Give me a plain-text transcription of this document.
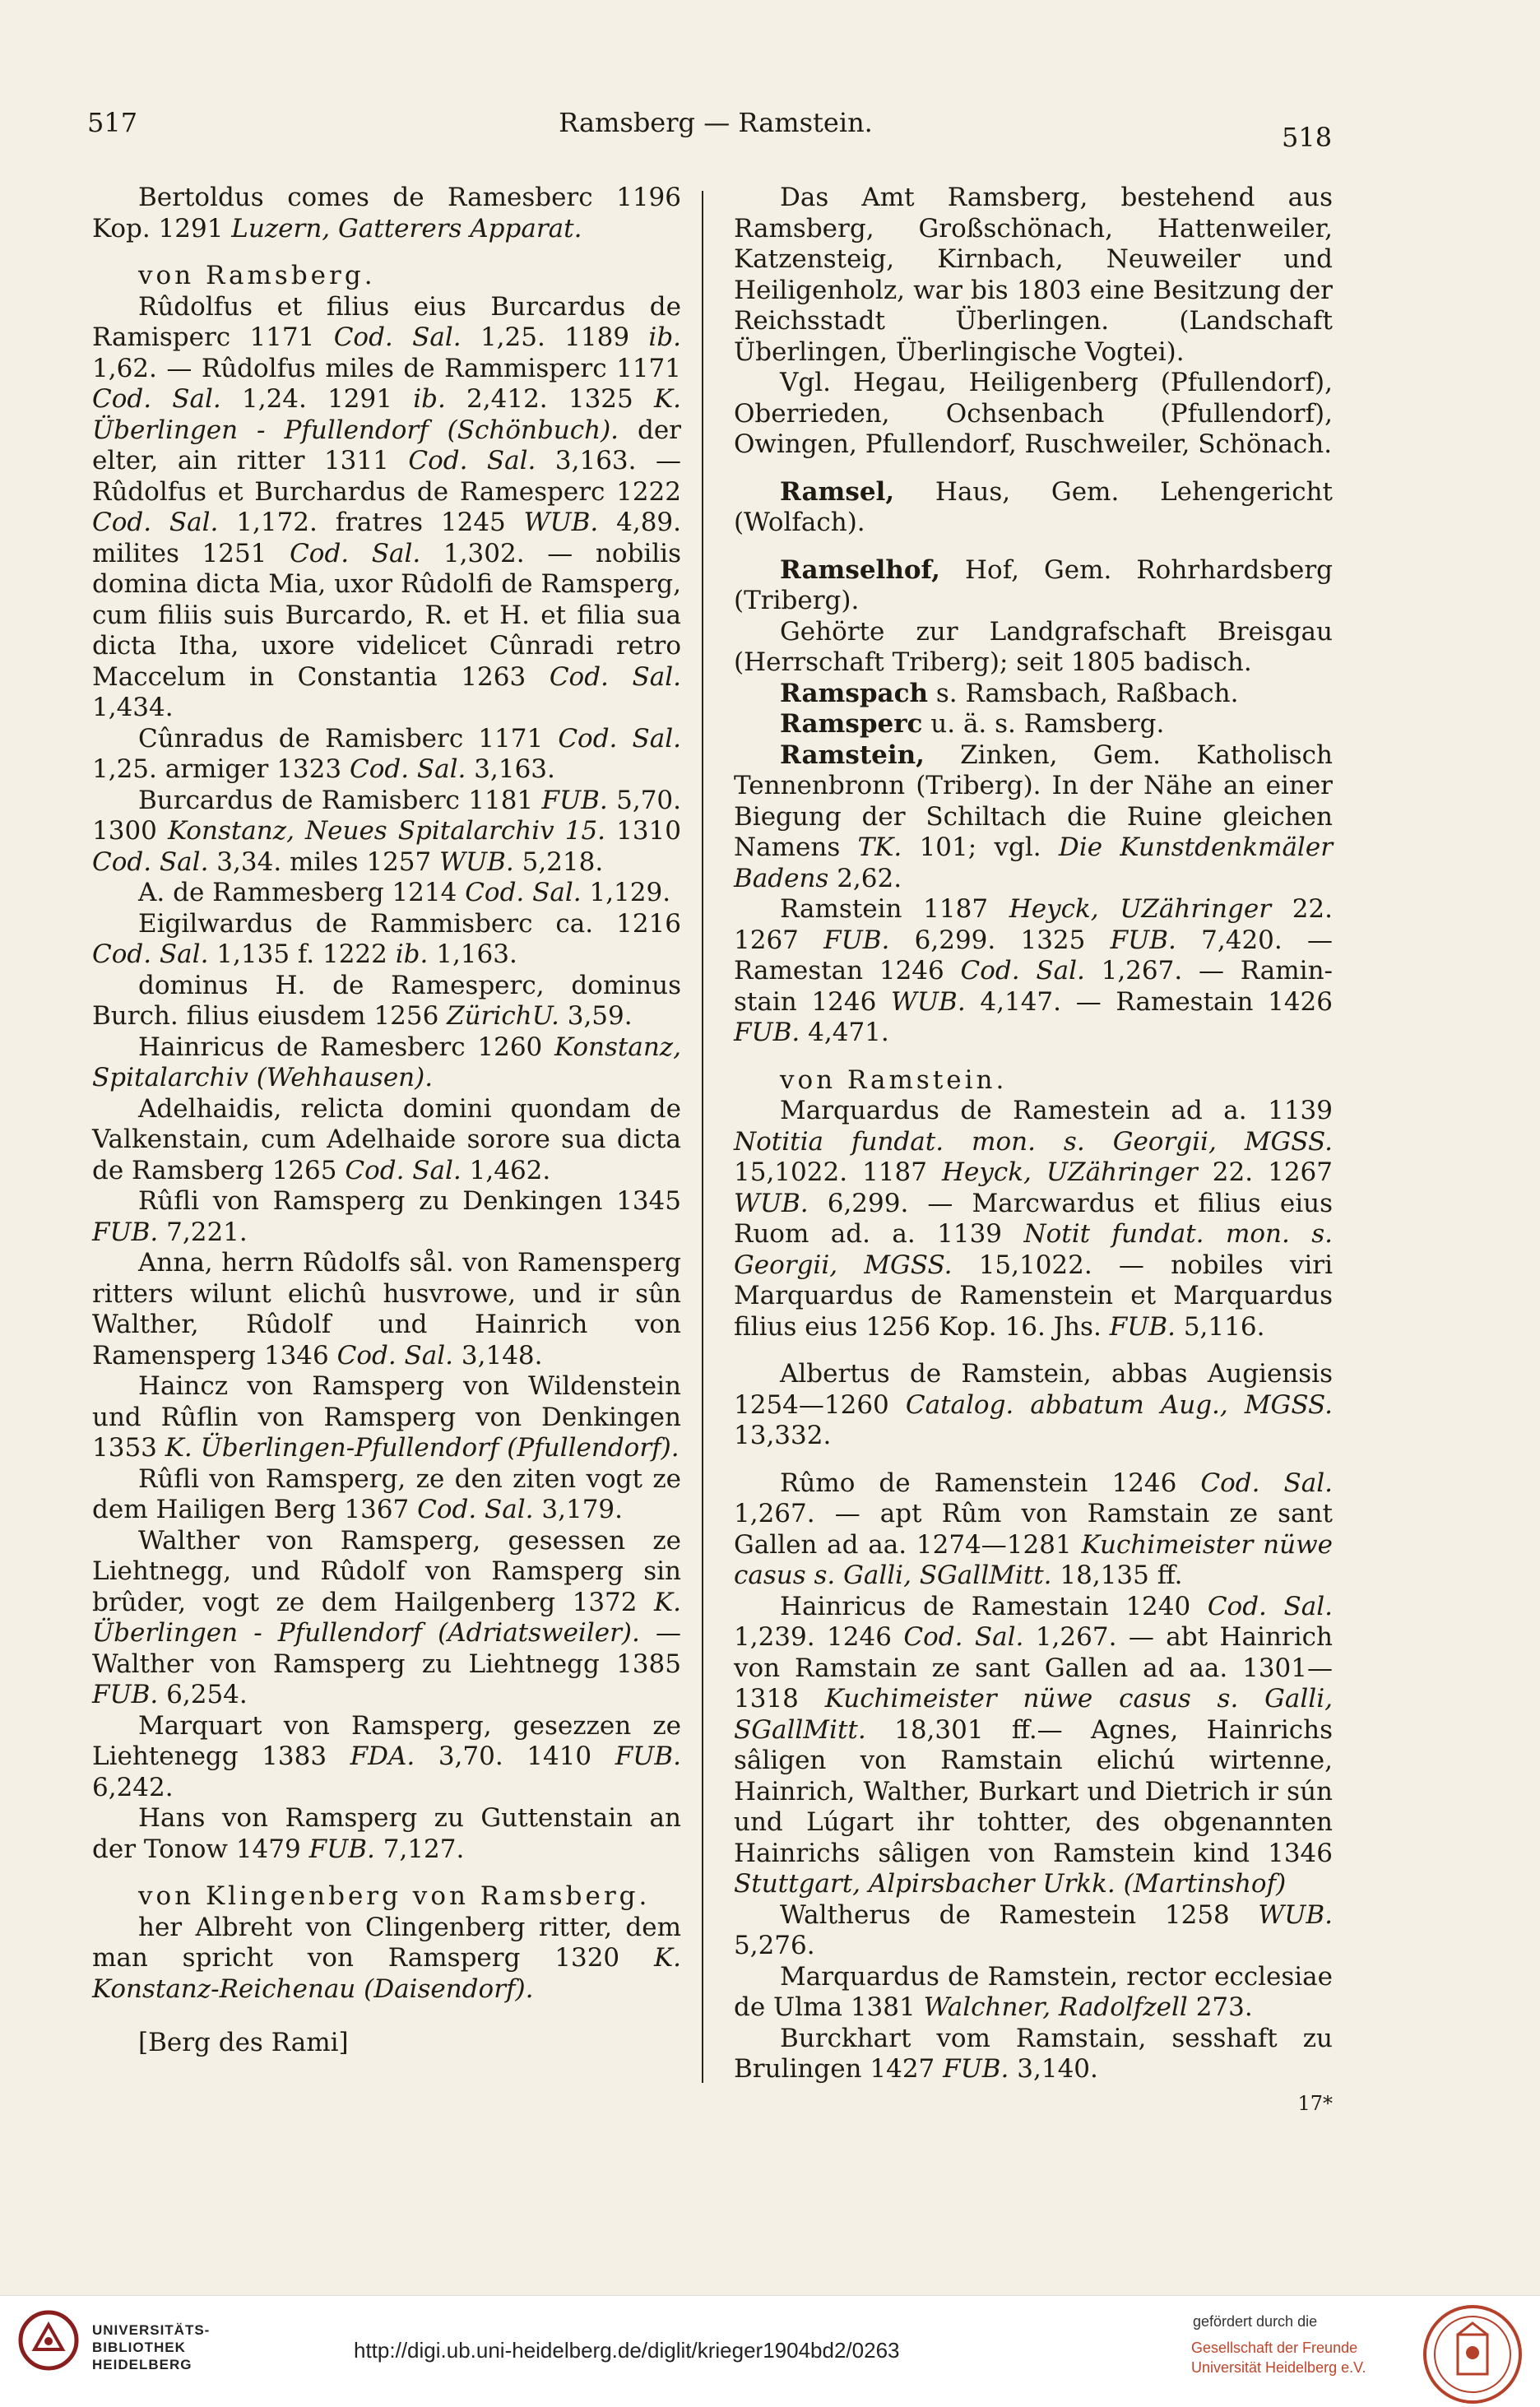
517	Ramsberg — Ramstein.	518

Bertoldus comes de Ramesberc 1196 Kop. 1291 Luzern, Gatterers Apparat.

von Ramsberg.

Rûdolfus et filius eius Burcardus de Ramisperc 1171 Cod. Sal. 1,25. 1189 ib. 1,62. — Rûdolfus miles de Rammisperc 1171 Cod. Sal. 1,24. 1291 ib. 2,412. 1325 K. Überlingen - Pfullendorf (Schönbuch). der elter, ain ritter 1311 Cod. Sal. 3,163. — Rûdolfus et Burchardus de Ramesperc 1222 Cod. Sal. 1,172. fratres 1245 WUB. 4,89. milites 1251 Cod. Sal. 1,302. — nobilis domina dicta Mia, uxor Rûdolfi de Ramsperg, cum filiis suis Burcardo, R. et H. et filia sua dicta Itha, uxore videlicet Cûnradi retro Maccelum in Constantia 1263 Cod. Sal. 1,434.

Cûnradus de Ramisberc 1171 Cod. Sal. 1,25. armiger 1323 Cod. Sal. 3,163.

Burcardus de Ramisberc 1181 FUB. 5,70. 1300 Konstanz, Neues Spitalarchiv 15. 1310 Cod. Sal. 3,34. miles 1257 WUB. 5,218.

A. de Rammesberg 1214 Cod. Sal. 1,129.

Eigilwardus de Rammisberc ca. 1216 Cod. Sal. 1,135 f. 1222 ib. 1,163.

dominus H. de Ramesperc, dominus Burch. filius eiusdem 1256 ZürichU. 3,59.

Hainricus de Ramesberc 1260 Konstanz, Spitalarchiv (Wehhausen).

Adelhaidis, relicta domini quondam de Valkenstain, cum Adelhaide sorore sua dicta de Ramsberg 1265 Cod. Sal. 1,462.

Rûfli von Ramsperg zu Denkingen 1345 FUB. 7,221.

Anna, herrn Rûdolfs sål. von Ramensperg ritters wilunt elichû husvrowe, und ir sûn Walther, Rûdolf und Hainrich von Ramensperg 1346 Cod. Sal. 3,148.

Haincz von Ramsperg von Wildenstein und Rûflin von Ramsperg von Denkingen 1353 K. Überlingen-Pfullendorf (Pfullendorf).

Rûfli von Ramsperg, ze den ziten vogt ze dem Hailigen Berg 1367 Cod. Sal. 3,179.

Walther von Ramsperg, gesessen ze Liehtnegg, und Rûdolf von Ramsperg sin brûder, vogt ze dem Hailgenberg 1372 K. Überlingen - Pfullendorf (Adriatsweiler). — Walther von Ramsperg zu Liehtnegg 1385 FUB. 6,254.

Marquart von Ramsperg, gesezzen ze Liehtenegg 1383 FDA. 3,70. 1410 FUB. 6,242.

Hans von Ramsperg zu Guttenstain an der Tonow 1479 FUB. 7,127.

von Klingenberg von Ramsberg.

her Albreht von Clingenberg ritter, dem man spricht von Ramsperg 1320 K. Konstanz-Reichenau (Daisendorf).

[Berg des Rami]

Das Amt Ramsberg, bestehend aus Ramsberg, Großschönach, Hattenweiler, Katzensteig, Kirnbach, Neuweiler und Heiligenholz, war bis 1803 eine Besitzung der Reichsstadt Überlingen. (Landschaft Überlingen, Überlingische Vogtei).

Vgl. Hegau, Heiligenberg (Pfullendorf), Oberrieden, Ochsenbach (Pfullendorf), Owingen, Pfullendorf, Ruschweiler, Schönach.

Ramsel, Haus, Gem. Lehengericht (Wolfach).

Ramselhof, Hof, Gem. Rohrhardsberg (Triberg).

Gehörte zur Landgrafschaft Breisgau (Herrschaft Triberg); seit 1805 badisch.

Ramspach s. Ramsbach, Raßbach.

Ramsperc u. ä. s. Ramsberg.

Ramstein, Zinken, Gem. Katholisch Tennenbronn (Triberg). In der Nähe an einer Biegung der Schiltach die Ruine gleichen Namens TK. 101; vgl. Die Kunstdenkmäler Badens 2,62.

Ramstein 1187 Heyck, UZähringer 22. 1267 FUB. 6,299. 1325 FUB. 7,420. — Ramestan 1246 Cod. Sal. 1,267. — Ramin-stain 1246 WUB. 4,147. — Ramestain 1426 FUB. 4,471.

von Ramstein.

Marquardus de Ramestein ad a. 1139 Notitia fundat. mon. s. Georgii, MGSS. 15,1022. 1187 Heyck, UZähringer 22. 1267 WUB. 6,299. — Marcwardus et filius eius Ruom ad. a. 1139 Notit fundat. mon. s. Georgii, MGSS. 15,1022. — nobiles viri Marquardus de Ramenstein et Marquardus filius eius 1256 Kop. 16. Jhs. FUB. 5,116.

Albertus de Ramstein, abbas Augiensis 1254—1260 Catalog. abbatum Aug., MGSS. 13,332.

Rûmo de Ramenstein 1246 Cod. Sal. 1,267. — apt Rûm von Ramstain ze sant Gallen ad aa. 1274—1281 Kuchimeister nüwe casus s. Galli, SGallMitt. 18,135 ff.

Hainricus de Ramestain 1240 Cod. Sal. 1,239. 1246 Cod. Sal. 1,267. — abt Hainrich von Ramstain ze sant Gallen ad aa. 1301—1318 Kuchimeister nüwe casus s. Galli, SGallMitt. 18,301 ff.— Agnes, Hainrichs sâligen von Ramstain elichú wirtenne, Hainrich, Walther, Burkart und Dietrich ir sún und Lúgart ihr tohtter, des obgenannten Hainrichs sâligen von Ramstein kind 1346 Stuttgart, Alpirsbacher Urkk. (Martinshof)

Waltherus de Ramestein 1258 WUB. 5,276.

Marquardus de Ramstein, rector ecclesiae de Ulma 1381 Walchner, Radolfzell 273.

Burckhart vom Ramstain, sesshaft zu Brulingen 1427 FUB. 3,140.

17*

UNIVERSITÄTS-
BIBLIOTHEK
HEIDELBERG
http://digi.ub.uni-heidelberg.de/diglit/krieger1904bd2/0263
gefördert durch die
Gesellschaft der Freunde
Universität Heidelberg e.V.
